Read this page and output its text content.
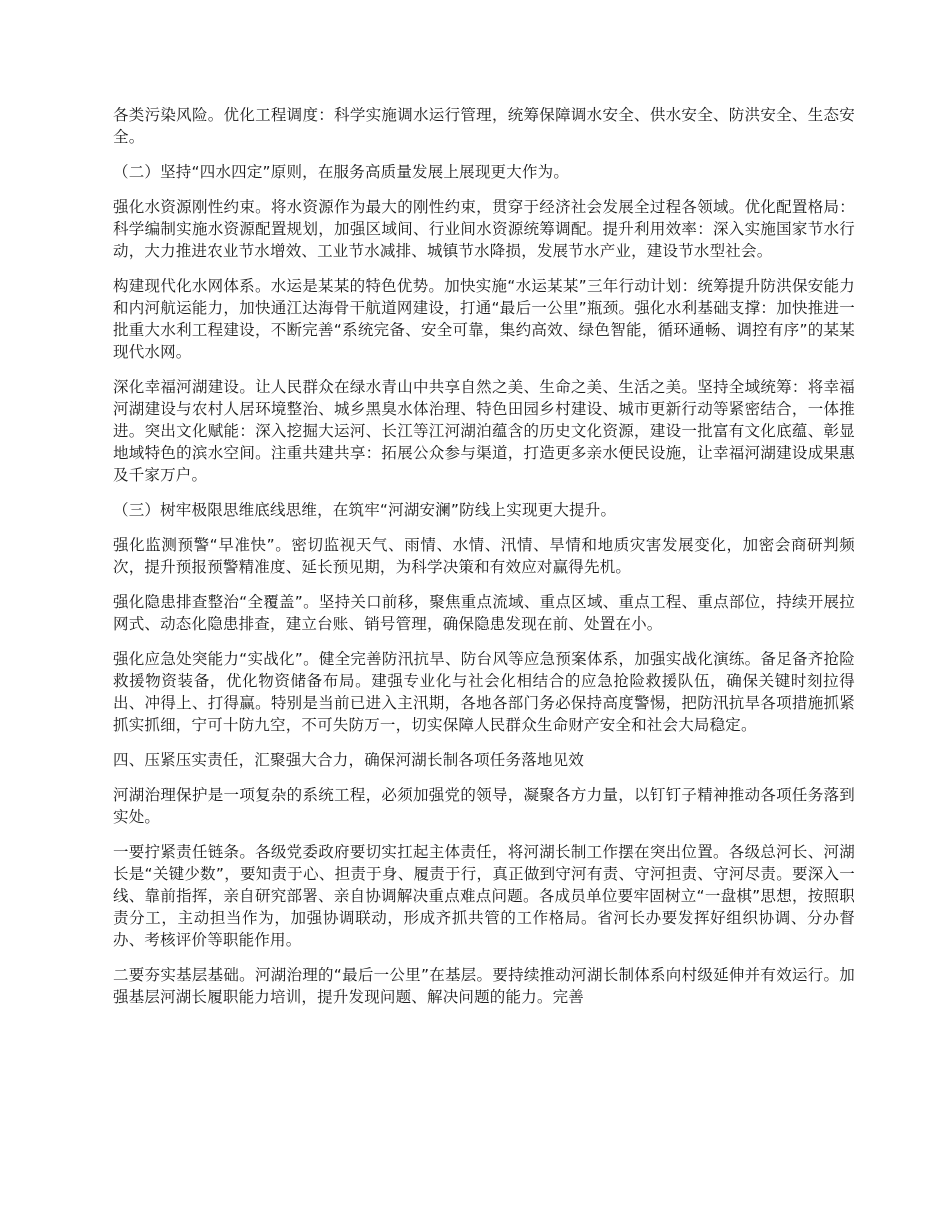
各类污染风险。优化工程调度：科学实施调水运行管理，统筹保障调水安全、供水安全、防洪安全、生态安全。

（二）坚持“四水四定”原则，在服务高质量发展上展现更大作为。

强化水资源刚性约束。将水资源作为最大的刚性约束，贯穿于经济社会发展全过程各领域。优化配置格局：科学编制实施水资源配置规划，加强区域间、行业间水资源统筹调配。提升利用效率：深入实施国家节水行动，大力推进农业节水增效、工业节水减排、城镇节水降损，发展节水产业，建设节水型社会。

构建现代化水网体系。水运是某某的特色优势。加快实施“水运某某”三年行动计划：统筹提升防洪保安能力和内河航运能力，加快通江达海骨干航道网建设，打通“最后一公里”瓶颈。强化水利基础支撑：加快推进一批重大水利工程建设，不断完善“系统完备、安全可靠，集约高效、绿色智能，循环通畅、调控有序”的某某现代水网。

深化幸福河湖建设。让人民群众在绿水青山中共享自然之美、生命之美、生活之美。坚持全域统筹：将幸福河湖建设与农村人居环境整治、城乡黑臭水体治理、特色田园乡村建设、城市更新行动等紧密结合，一体推进。突出文化赋能：深入挖掘大运河、长江等江河湖泊蕴含的历史文化资源，建设一批富有文化底蕴、彰显地域特色的滨水空间。注重共建共享：拓展公众参与渠道，打造更多亲水便民设施，让幸福河湖建设成果惠及千家万户。

（三）树牢极限思维底线思维，在筑牢“河湖安澜”防线上实现更大提升。

强化监测预警“早准快”。密切监视天气、雨情、水情、汛情、旱情和地质灾害发展变化，加密会商研判频次，提升预报预警精准度、延长预见期，为科学决策和有效应对赢得先机。

强化隐患排查整治“全覆盖”。坚持关口前移，聚焦重点流域、重点区域、重点工程、重点部位，持续开展拉网式、动态化隐患排查，建立台账、销号管理，确保隐患发现在前、处置在小。

强化应急处突能力“实战化”。健全完善防汛抗旱、防台风等应急预案体系，加强实战化演练。备足备齐抢险救援物资装备，优化物资储备布局。建强专业化与社会化相结合的应急抢险救援队伍，确保关键时刻拉得出、冲得上、打得赢。特别是当前已进入主汛期，各地各部门务必保持高度警惕，把防汛抗旱各项措施抓紧抓实抓细，宁可十防九空，不可失防万一，切实保障人民群众生命财产安全和社会大局稳定。

四、压紧压实责任，汇聚强大合力，确保河湖长制各项任务落地见效

河湖治理保护是一项复杂的系统工程，必须加强党的领导，凝聚各方力量，以钉钉子精神推动各项任务落到实处。

一要拧紧责任链条。各级党委政府要切实扛起主体责任，将河湖长制工作摆在突出位置。各级总河长、河湖长是“关键少数”，要知责于心、担责于身、履责于行，真正做到守河有责、守河担责、守河尽责。要深入一线、靠前指挥，亲自研究部署、亲自协调解决重点难点问题。各成员单位要牢固树立“一盘棋”思想，按照职责分工，主动担当作为，加强协调联动，形成齐抓共管的工作格局。省河长办要发挥好组织协调、分办督办、考核评价等职能作用。

二要夯实基层基础。河湖治理的“最后一公里”在基层。要持续推动河湖长制体系向村级延伸并有效运行。加强基层河湖长履职能力培训，提升发现问题、解决问题的能力。完善
